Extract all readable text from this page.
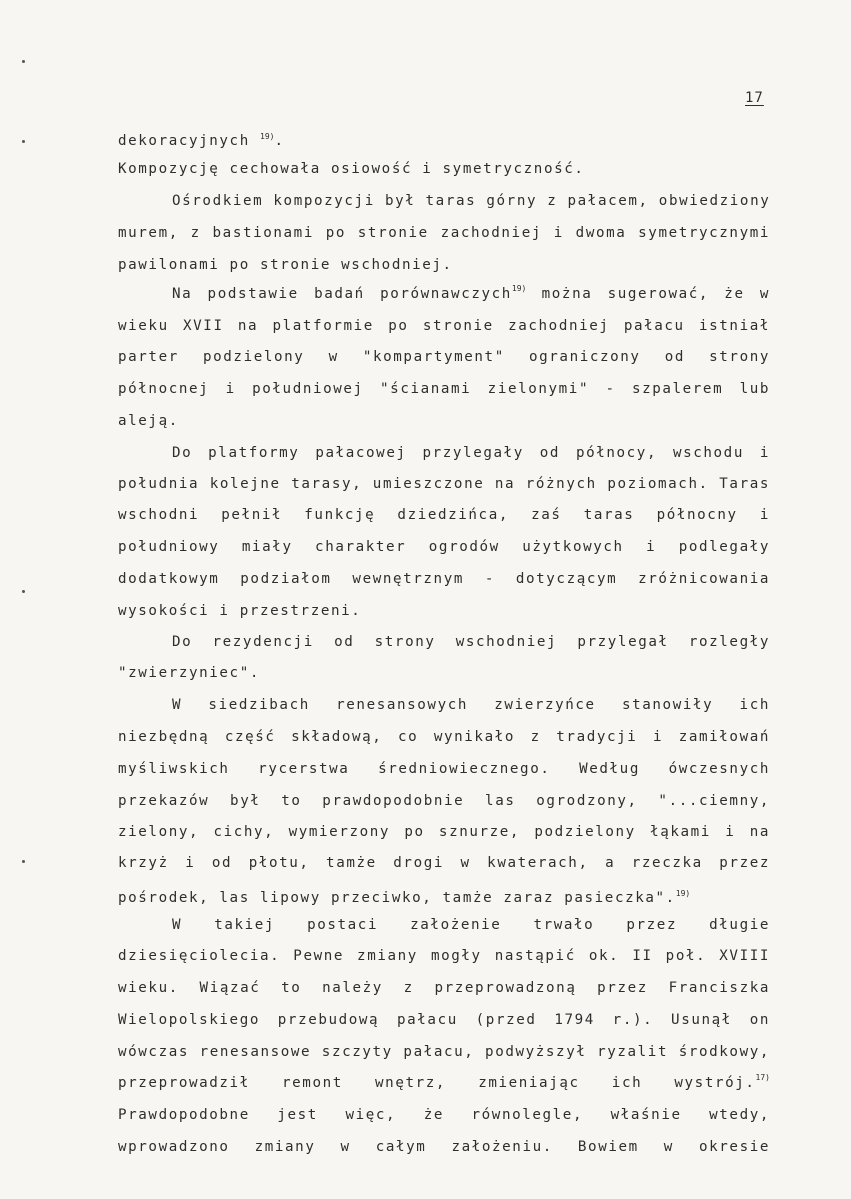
17
dekoracyjnych $^{19)}$.
Kompozycję cechowała osiowość i symetryczność.
Ośrodkiem kompozycji był taras górny z pałacem, obwiedziony
murem, z bastionami po stronie zachodniej i dwoma symetrycznymi
pawilonami po stronie wschodniej.
Na podstawie badań porównawczych$^{19)}$ można sugerować, że w
wieku XVII na platformie po stronie zachodniej pałacu istniał
parter podzielony w "kompartyment" ograniczony od strony
północnej i południowej "ścianami zielonymi" - szpalerem lub
aleją.
Do platformy pałacowej przylegały od północy, wschodu i
południa kolejne tarasy, umieszczone na różnych poziomach. Taras
wschodni pełnił funkcję dziedzińca, zaś taras północny i
południowy miały charakter ogrodów użytkowych i podlegały
dodatkowym podziałom wewnętrznym - dotyczącym zróżnicowania
wysokości i przestrzeni.
Do rezydencji od strony wschodniej przylegał rozległy
"zwierzyniec".
W siedzibach renesansowych zwierzyńce stanowiły ich
niezbędną część składową, co wynikało z tradycji i zamiłowań
myśliwskich rycerstwa średniowiecznego. Według ówczesnych
przekazów był to prawdopodobnie las ogrodzony, "...ciemny,
zielony, cichy, wymierzony po sznurze, podzielony łąkami i na
krzyż i od płotu, tamże drogi w kwaterach, a rzeczka przez
pośrodek, las lipowy przeciwko, tamże zaraz pasieczka".$^{19)}$
W takiej postaci założenie trwało przez długie
dziesięciolecia. Pewne zmiany mogły nastąpić ok. II poł. XVIII
wieku. Wiązać to należy z przeprowadzoną przez Franciszka
Wielopolskiego przebudową pałacu (przed 1794 r.). Usunął on
wówczas renesansowe szczyty pałacu, podwyższył ryzalit środkowy,
przeprowadził remont wnętrz, zmieniając ich wystrój.$^{17)}$
Prawdopodobne jest więc, że równolegle, właśnie wtedy,
wprowadzono zmiany w całym założeniu. Bowiem w okresie
